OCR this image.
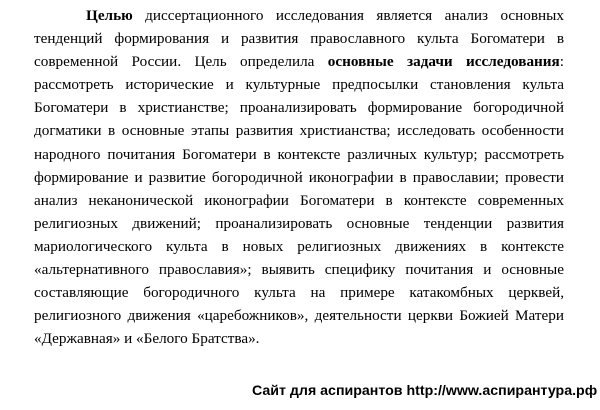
Целью диссертационного исследования является анализ основных
тенденций формирования и развития православного культа Богоматери в
современной России. Цель определила основные задачи исследования:
рассмотреть исторические и культурные предпосылки становления культа
Богоматери в христианстве; проанализировать формирование богородичной
догматики в основные этапы развития христианства; исследовать особенности
народного почитания Богоматери в контексте различных культур; рассмотреть
формирование и развитие богородичной иконографии в православии; провести
анализ неканонической иконографии Богоматери в контексте современных
религиозных движений; проанализировать основные тенденции развития
мариологического культа в новых религиозных движениях в контексте
«альтернативного православия»; выявить специфику почитания и основные
составляющие богородичного культа на примере катакомбных церквей,
религиозного движения «царебожников», деятельности церкви Божией Матери
«Державная» и «Белого Братства».
Сайт для аспирантов http://www.аспирантура.рф
